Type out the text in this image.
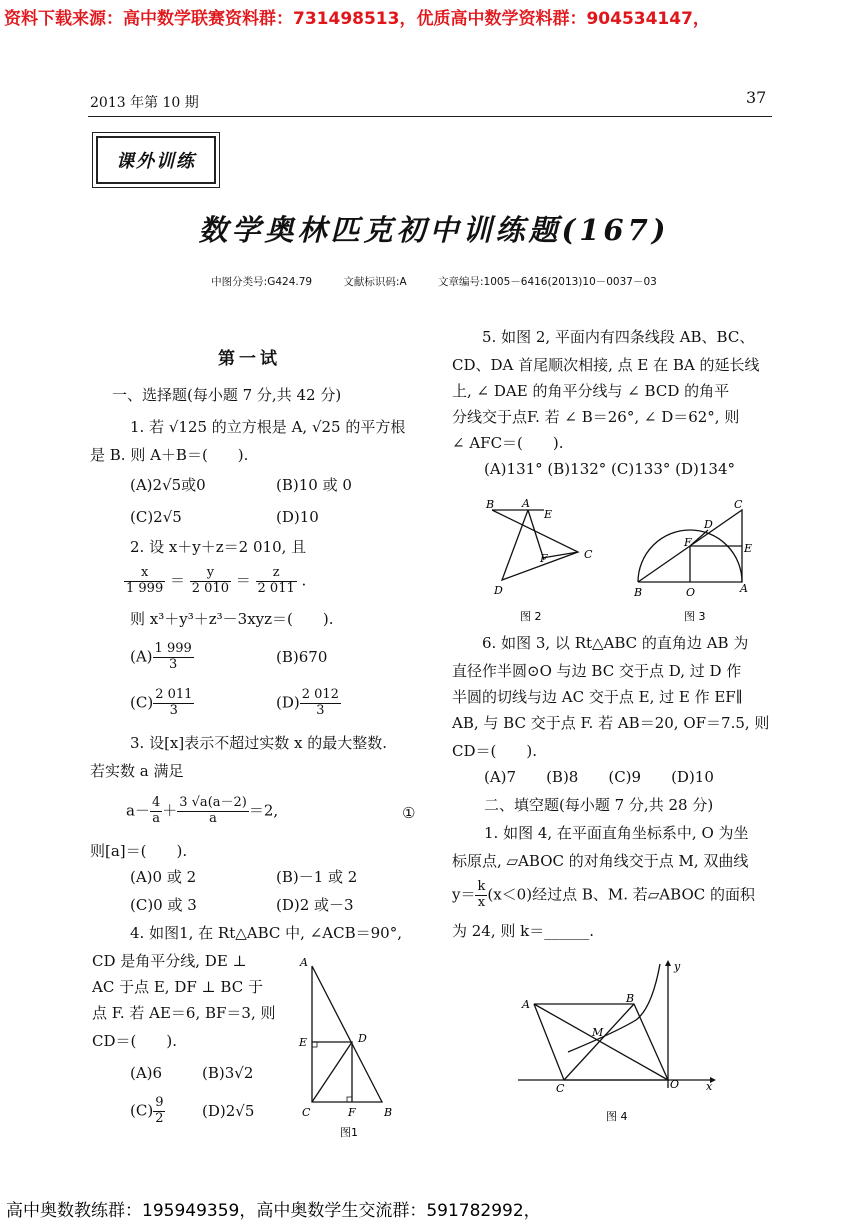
资料下载来源：高中数学联赛资料群：731498513，优质高中数学资料群：904534147，
2013 年第 10 期	37
课外训练
数学奥林匹克初中训练题(167)
中图分类号:G424.79	文献标识码:A	文章编号:1005－6416(2013)10－0037－03
第一试
一、选择题(每小题 7 分,共 42 分)
1. 若 √125 的立方根是 A, √25 的平方根
是 B. 则 A＋B＝(　　).
(A)2√5或0	(B)10 或 0
(C)2√5	(D)10
2. 设 x＋y＋z＝2 010, 且
$\frac{x}{1 999} = \frac{y}{2 010} = \frac{z}{2 011}$ .
则 x³＋y³＋z³－3xyz＝(　　).
$(A) \frac{1 999}{3}$	(B)670
$(C) \frac{2 011}{3}$	$(D) \frac{2 012}{3}$
3. 设[x]表示不超过实数 x 的最大整数.
若实数 a 满足
$a- \frac{4}{a} + \frac{3 √a(a-2)}{a} =2$,	①
则[a]＝(　　).
(A)0 或 2	(B)－1 或 2
(C)0 或 3	(D)2 或－3
4. 如图1, 在 Rt△ABC 中, ∠ACB＝90°,
CD 是角平分线, DE ⊥
AC 于点 E, DF ⊥ BC 于
点 F. 若 AE＝6, BF＝3, 则
CD＝(　　).
(A)6	(B)3√2
$(C) \frac{9}{2} (D)2√5$
A
D
E
C	F	B
图1
5. 如图 2, 平面内有四条线段 AB、BC、
CD、DA 首尾顺次相接, 点 E 在 BA 的延长线
上, ∠ DAE 的角平分线与 ∠ BCD 的角平
分线交于点F. 若 ∠ B＝26°, ∠ D＝62°, 则
∠ AFC＝(　　).
(A)131° (B)132° (C)133° (D)134°
B	A
E
F	C
D
图 2
C
D
F	E
B	O	A
图 3
6. 如图 3, 以 Rt△ABC 的直角边 AB 为
直径作半圆⊙O 与边 BC 交于点 D, 过 D 作
半圆的切线与边 AC 交于点 E, 过 E 作 EF∥
AB, 与 BC 交于点 F. 若 AB＝20, OF＝7.5, 则
CD＝(　　).
(A)7　　(B)8　　(C)9　　(D)10
二、填空题(每小题 7 分,共 28 分)
1. 如图 4, 在平面直角坐标系中, O 为坐
标原点, ▱ABOC 的对角线交于点 M, 双曲线
$y= \frac{k}{x} (x<0)$经过点 B、M. 若▱ABOC 的面积
为 24, 则 k＝______.
y
A	B
M
C	O x
图 4
高中奥数教练群：195949359，高中奥数学生交流群：591782992，
